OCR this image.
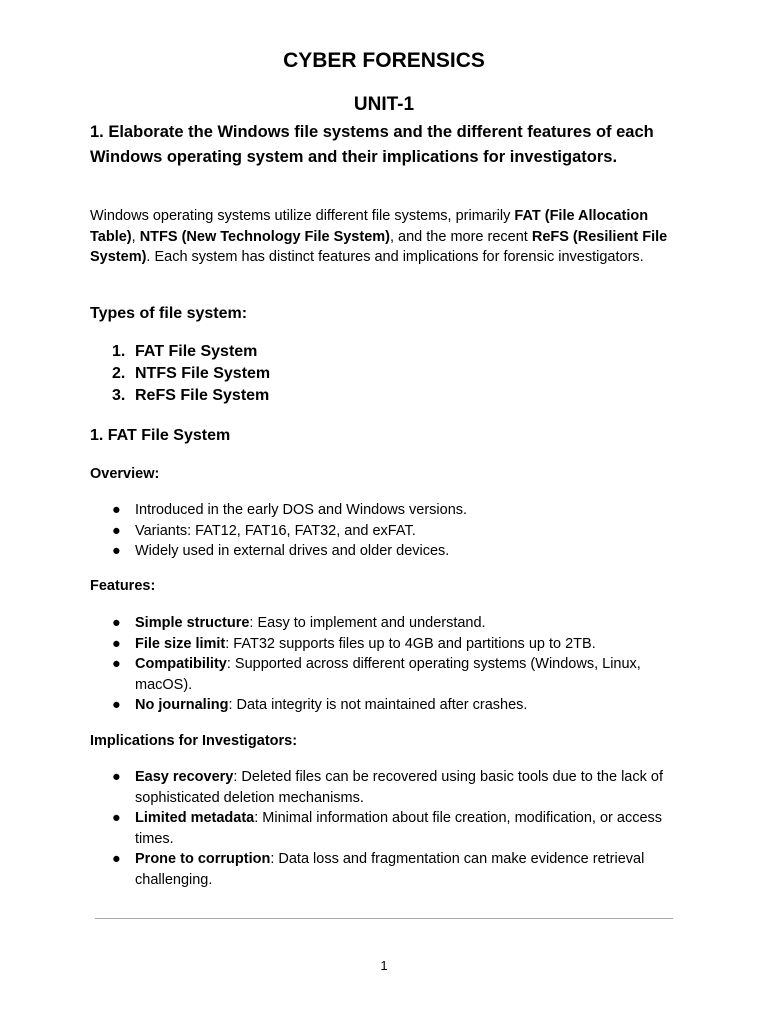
CYBER FORENSICS
UNIT-1

1. Elaborate the Windows file systems and the different features of each Windows operating system and their implications for investigators.

Windows operating systems utilize different file systems, primarily FAT (File Allocation Table), NTFS (New Technology File System), and the more recent ReFS (Resilient File System). Each system has distinct features and implications for forensic investigators.

Types of file system:
1. FAT File System
2. NTFS File System
3. ReFS File System
1. FAT File System
Overview:
● Introduced in the early DOS and Windows versions.
● Variants: FAT12, FAT16, FAT32, and exFAT.
● Widely used in external drives and older devices.
Features:
● Simple structure: Easy to implement and understand.
● File size limit: FAT32 supports files up to 4GB and partitions up to 2TB.
● Compatibility: Supported across different operating systems (Windows, Linux, macOS).
● No journaling: Data integrity is not maintained after crashes.
Implications for Investigators:
● Easy recovery: Deleted files can be recovered using basic tools due to the lack of sophisticated deletion mechanisms.
● Limited metadata: Minimal information about file creation, modification, or access times.
● Prone to corruption: Data loss and fragmentation can make evidence retrieval challenging.

1
